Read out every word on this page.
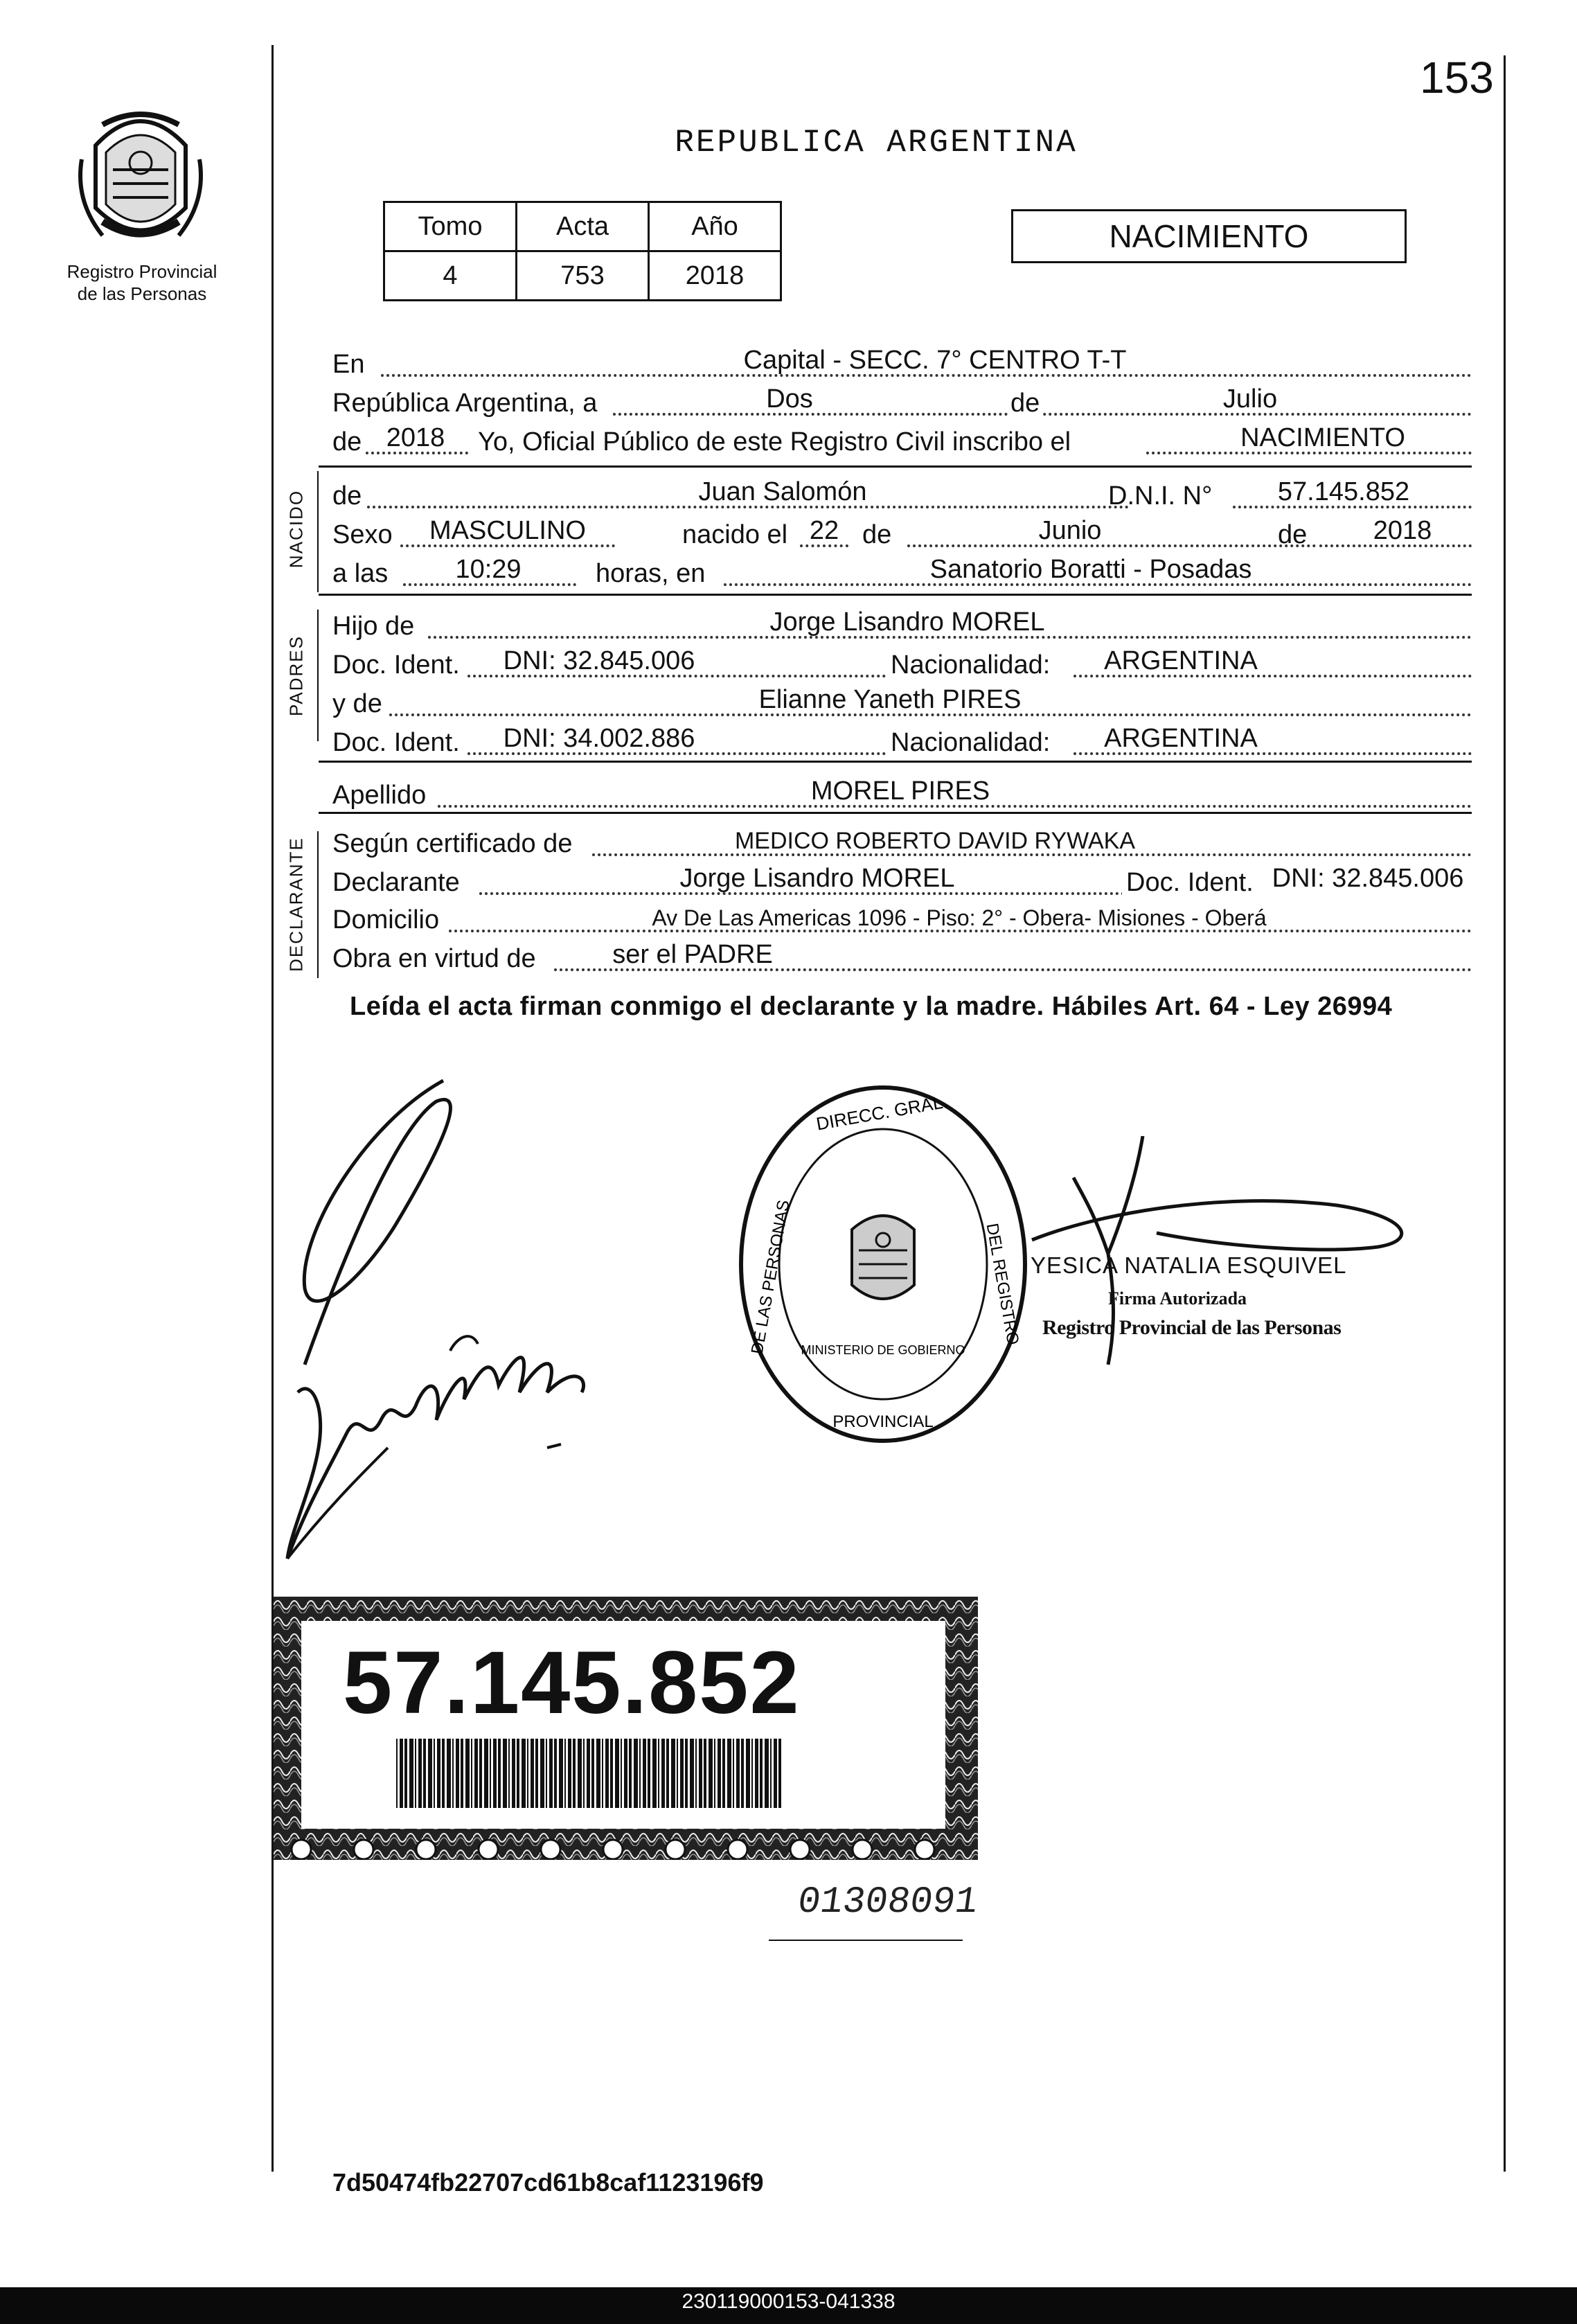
Registro Provincial
de las Personas
153
REPUBLICA ARGENTINA
Tomo	Acta	Año
4	753	2018
NACIMIENTO
En	Capital - SECC. 7° CENTRO T-T
República Argentina, a	Dos	de	Julio
de 2018	Yo, Oficial Público de este Registro Civil inscribo el	NACIMIENTO
NACIDO de	Juan Salomón	D.N.I. N°	57.145.852
Sexo	MASCULINO	nacido el 22 de	Junio	de	2018
a las	10:29	horas, en	Sanatorio Boratti - Posadas
PADRES
Hijo de	Jorge Lisandro MOREL
Doc. Ident.	DNI: 32.845.006	Nacionalidad:	ARGENTINA
y de	Elianne Yaneth PIRES
Doc. Ident.	DNI: 34.002.886	Nacionalidad:	ARGENTINA
Apellido	MOREL PIRES
DECLARANTE Según certificado de	MEDICO ROBERTO DAVID RYWAKA
Declarante	Jorge Lisandro MOREL	Doc. Ident. DNI: 32.845.006
Domicilio	Av De Las Americas 1096 - Piso: 2° - Obera- Misiones - Oberá
Obra en virtud de	ser el PADRE
Leída el acta firman conmigo el declarante y la madre. Hábiles Art. 64 - Ley 26994
DIRECC. GRAL.
DE LAS PERSONAS	DEL REGISTRO
PROVINCIAL
MINISTERIO DE GOBIERNO
YESICA NATALIA ESQUIVEL
Firma Autorizada
Registro Provincial de las Personas
57.145.852
01308091
7d50474fb22707cd61b8caf1123196f9
230119000153-041338
